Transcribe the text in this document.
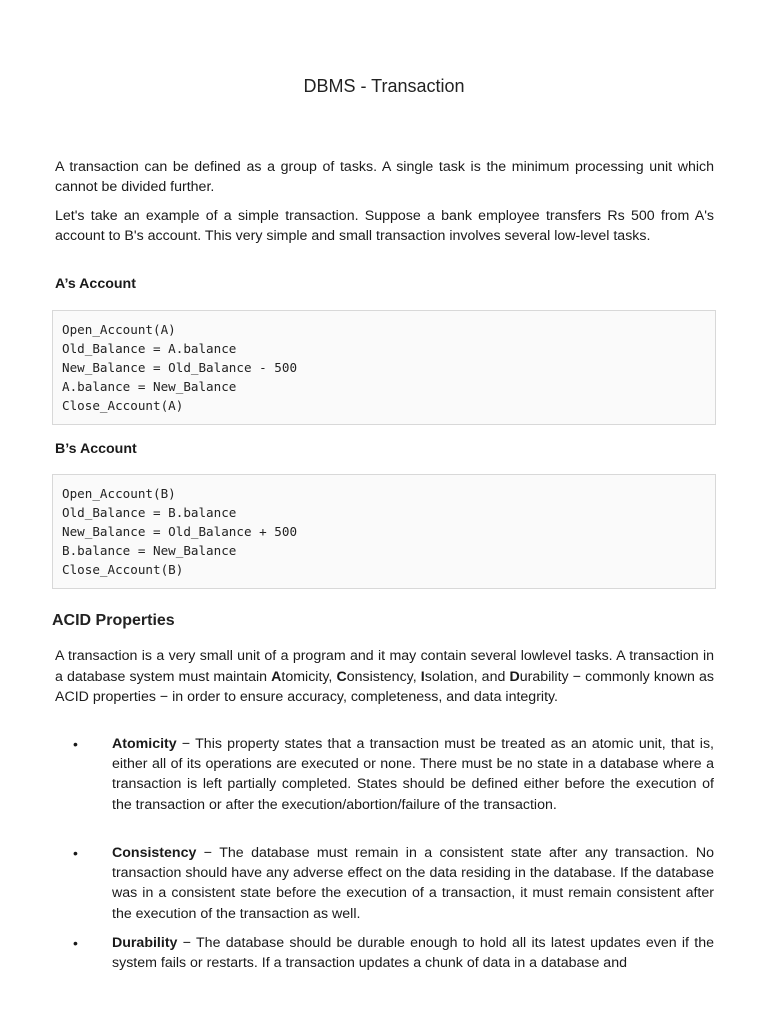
DBMS - Transaction
A transaction can be defined as a group of tasks. A single task is the minimum processing unit which cannot be divided further.
Let's take an example of a simple transaction. Suppose a bank employee transfers Rs 500 from A's account to B's account. This very simple and small transaction involves several low-level tasks.
A’s Account
Open_Account(A)
Old_Balance = A.balance
New_Balance = Old_Balance - 500
A.balance = New_Balance
Close_Account(A)
B’s Account
Open_Account(B)
Old_Balance = B.balance
New_Balance = Old_Balance + 500
B.balance = New_Balance
Close_Account(B)
ACID Properties
A transaction is a very small unit of a program and it may contain several lowlevel tasks. A transaction in a database system must maintain Atomicity, Consistency, Isolation, and Durability − commonly known as ACID properties − in order to ensure accuracy, completeness, and data integrity.
• Atomicity − This property states that a transaction must be treated as an atomic unit, that is, either all of its operations are executed or none. There must be no state in a database where a transaction is left partially completed. States should be defined either before the execution of the transaction or after the execution/abortion/failure of the transaction.
• Consistency − The database must remain in a consistent state after any transaction. No transaction should have any adverse effect on the data residing in the database. If the database was in a consistent state before the execution of a transaction, it must remain consistent after the execution of the transaction as well.
• Durability − The database should be durable enough to hold all its latest updates even if the system fails or restarts. If a transaction updates a chunk of data in a database and
